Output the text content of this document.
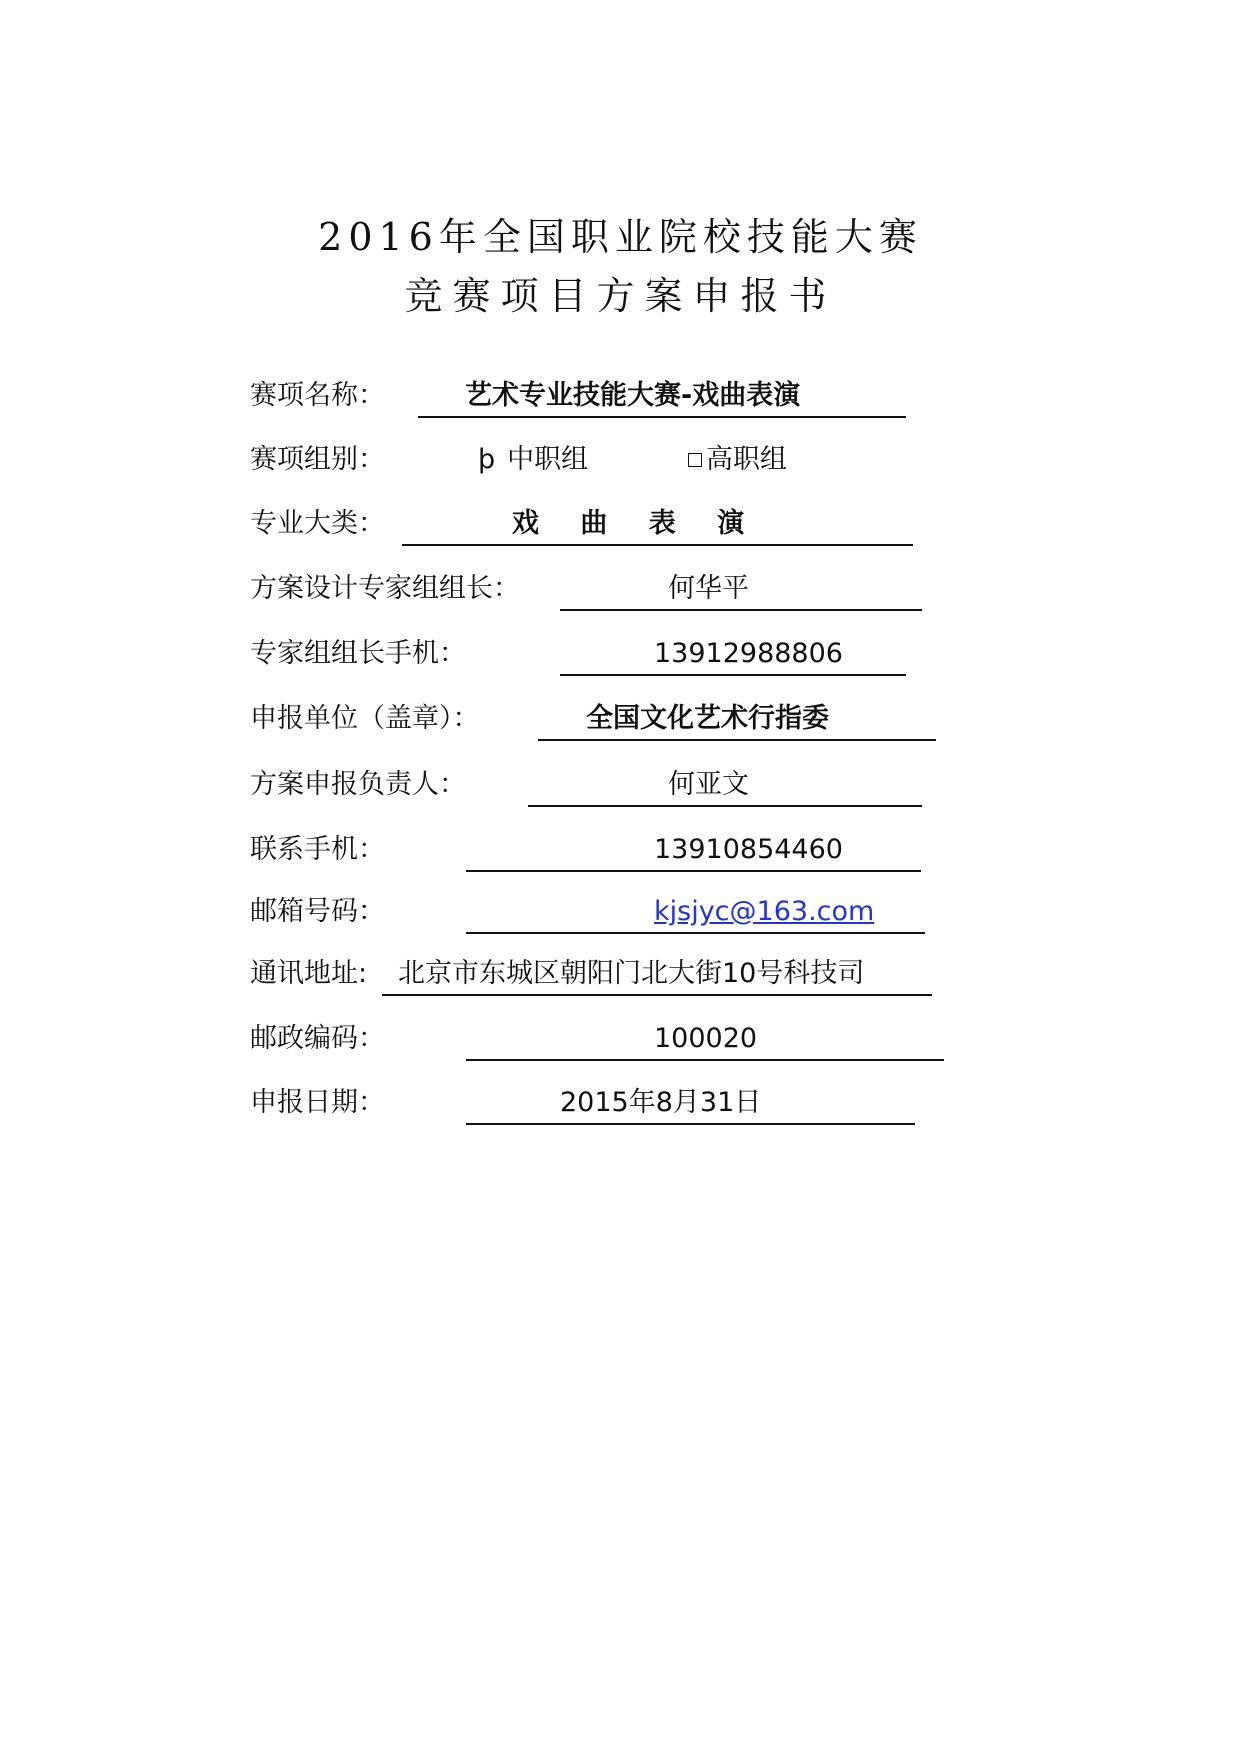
2016年全国职业院校技能大赛
竞赛项目方案申报书
赛项名称：	艺术专业技能大赛-戏曲表演
赛项组别：	þ 中职组	高职组
专业大类：	戏 曲 表 演
方案设计专家组组长：	何华平
专家组组长手机：	13912988806
申报单位（盖章）：	全国文化艺术行指委
方案申报负责人：	何亚文
联系手机：	13910854460
邮箱号码：	kjsjyc@163.com
通讯地址: 北京市东城区朝阳门北大街10号科技司
邮政编码：	100020
申报日期：	2015年8月31日
